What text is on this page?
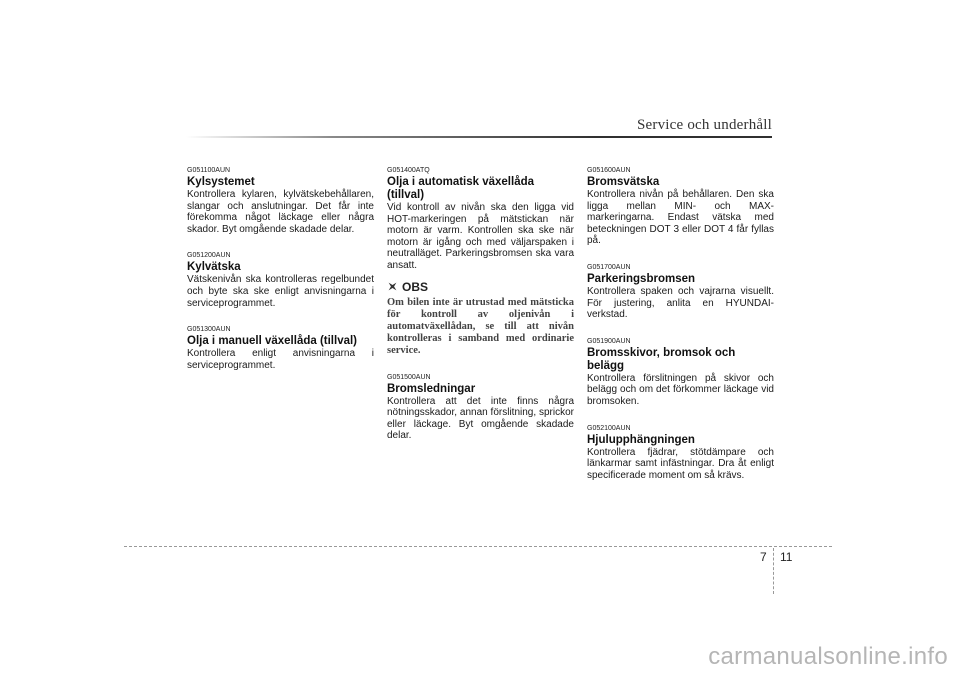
Service och underhåll
G051100AUN
Kylsystemet
Kontrollera kylaren, kylvätskebehållaren, slangar och anslutningar. Det får inte förekomma något läckage eller några skador. Byt omgående skadade delar.
G051200AUN
Kylvätska
Vätskenivån ska kontrolleras regelbundet och byte ska ske enligt anvisningarna i serviceprogrammet.
G051300AUN
Olja i manuell växellåda (tillval)
Kontrollera enligt anvisningarna i serviceprogrammet.
G051400ATQ
Olja i automatisk växellåda (tillval)
Vid kontroll av nivån ska den ligga vid HOT-markeringen på mätstickan när motorn är varm. Kontrollen ska ske när motorn är igång och med väljarspaken i neutralläget. Parkeringsbromsen ska vara ansatt.
OBS
Om bilen inte är utrustad med mätsticka för kontroll av oljenivån i automatväxellådan, se till att nivån kontrolleras i samband med ordinarie service.
G051500AUN
Bromsledningar
Kontrollera att det inte finns några nötningsskador, annan förslitning, sprickor eller läckage. Byt omgående skadade delar.
G051600AUN
Bromsvätska
Kontrollera nivån på behållaren. Den ska ligga mellan MIN- och MAX-markeringarna. Endast vätska med beteckningen DOT 3 eller DOT 4 får fyllas på.
G051700AUN
Parkeringsbromsen
Kontrollera spaken och vajrarna visuellt. För justering, anlita en HYUNDAI-verkstad.
G051900AUN
Bromsskivor, bromsok och belägg
Kontrollera förslitningen på skivor och belägg och om det förkommer läckage vid bromsoken.
G052100AUN
Hjulupphängningen
Kontrollera fjädrar, stötdämpare och länkarmar samt infästningar. Dra åt enligt specificerade moment om så krävs.
7 11
carmanualsonline.info
